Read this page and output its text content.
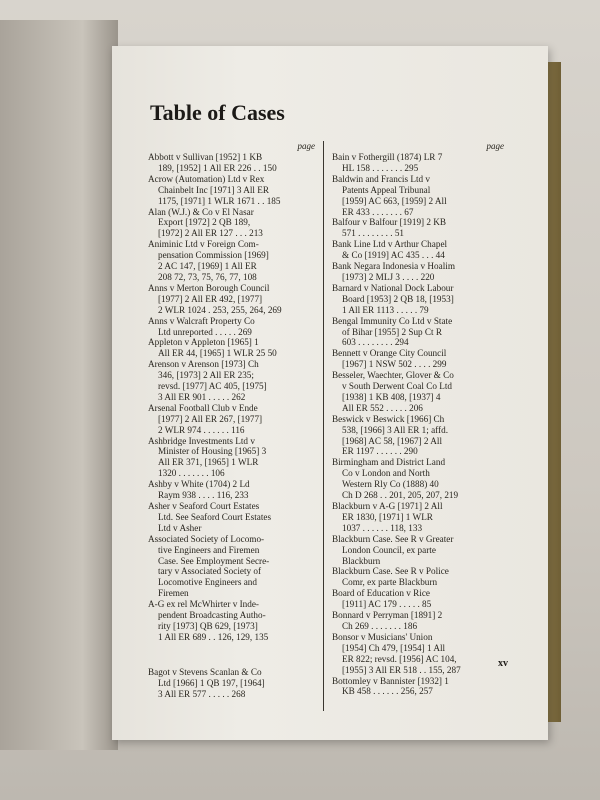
Table of Cases
page
Abbott v Sullivan [1952] 1 KB
189, [1952] 1 All ER 226 . . 150
Acrow (Automation) Ltd v Rex
Chainbelt Inc [1971] 3 All ER
1175, [1971] 1 WLR 1671 . . 185
Alan (W.J.) & Co v El Nasar
Export [1972] 2 QB 189,
[1972] 2 All ER 127 . . . 213
Animinic Ltd v Foreign Com-
pensation Commission [1969]
2 AC 147, [1969] 1 All ER
208 72, 73, 75, 76, 77, 108
Anns v Merton Borough Council
[1977] 2 All ER 492, [1977]
2 WLR 1024 . 253, 255, 264, 269
Anns v Walcraft Property Co
Ltd unreported . . . . . 269
Appleton v Appleton [1965] 1
All ER 44, [1965] 1 WLR 25 50
Arenson v Arenson [1973] Ch
346, [1973] 2 All ER 235;
revsd. [1977] AC 405, [1975]
3 All ER 901 . . . . . 262
Arsenal Football Club v Ende
[1977] 2 All ER 267, [1977]
2 WLR 974 . . . . . . 116
Ashbridge Investments Ltd v
Minister of Housing [1965] 3
All ER 371, [1965] 1 WLR
1320 . . . . . . . 106
Ashby v White (1704) 2 Ld
Raym 938 . . . . 116, 233
Asher v Seaford Court Estates
Ltd. See Seaford Court Estates
Ltd v Asher
Associated Society of Locomo-
tive Engineers and Firemen
Case. See Employment Secre-
tary v Associated Society of
Locomotive Engineers and
Firemen
A-G ex rel McWhirter v Inde-
pendent Broadcasting Autho-
rity [1973] QB 629, [1973]
1 All ER 689 . . 126, 129, 135
Bagot v Stevens Scanlan & Co
Ltd [1966] 1 QB 197, [1964]
3 All ER 577 . . . . . 268
page
Bain v Fothergill (1874) LR 7
HL 158 . . . . . . . 295
Baldwin and Francis Ltd v
Patents Appeal Tribunal
[1959] AC 663, [1959] 2 All
ER 433 . . . . . . . 67
Balfour v Balfour [1919] 2 KB
571 . . . . . . . . 51
Bank Line Ltd v Arthur Chapel
& Co [1919] AC 435 . . . 44
Bank Negara Indonesia v Hoalim
[1973] 2 MLJ 3 . . . . 220
Barnard v National Dock Labour
Board [1953] 2 QB 18, [1953]
1 All ER 1113 . . . . . 79
Bengal Immunity Co Ltd v State
of Bihar [1955] 2 Sup Ct R
603 . . . . . . . . 294
Bennett v Orange City Council
[1967] 1 NSW 502 . . . . 299
Besseler, Waechter, Glover & Co
v South Derwent Coal Co Ltd
[1938] 1 KB 408, [1937] 4
All ER 552 . . . . . 206
Beswick v Beswick [1966] Ch
538, [1966] 3 All ER 1; affd.
[1968] AC 58, [1967] 2 All
ER 1197 . . . . . . 290
Birmingham and District Land
Co v London and North
Western Rly Co (1888) 40
Ch D 268 . . 201, 205, 207, 219
Blackburn v A-G [1971] 2 All
ER 1830, [1971] 1 WLR
1037 . . . . . . 118, 133
Blackburn Case. See R v Greater
London Council, ex parte
Blackburn
Blackburn Case. See R v Police
Comr, ex parte Blackburn
Board of Education v Rice
[1911] AC 179 . . . . . 85
Bonnard v Perryman [1891] 2
Ch 269 . . . . . . . 186
Bonsor v Musicians' Union
[1954] Ch 479, [1954] 1 All
ER 822; revsd. [1956] AC 104,
[1955] 3 All ER 518 . . 155, 287
Bottomley v Bannister [1932] 1
KB 458 . . . . . . 256, 257
xv
